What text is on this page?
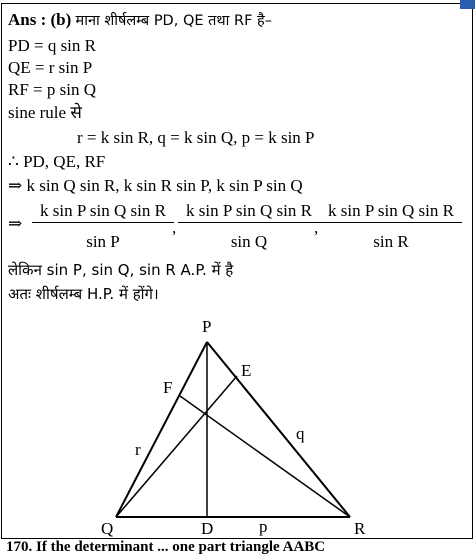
Ans : (b) माना शीर्षलम्ब PD, QE तथा RF है–
PD = q sin R
QE = r sin P
RF = p sin Q
sine rule से
r = k sin R, q = k sin Q, p = k sin P
∴ PD, QE, RF
⇒ k sin Q sin R, k sin R sin P, k sin P sin Q
⇒ $\frac{\text{k sin P sin Q sin R}}{\text{sin P}}$
, $\frac{\text{k sin P sin Q sin R}}{\text{sin Q}}$
, $\frac{\text{k sin P sin Q sin R}}{\text{sin R}}$
लेकिन sin P, sin Q, sin R A.P. में है
अतः शीर्षलम्ब H.P. में होंगे।
P
Q	R
D
E
F
r
q
p
170. If the determinant ... one part triangle AABC
